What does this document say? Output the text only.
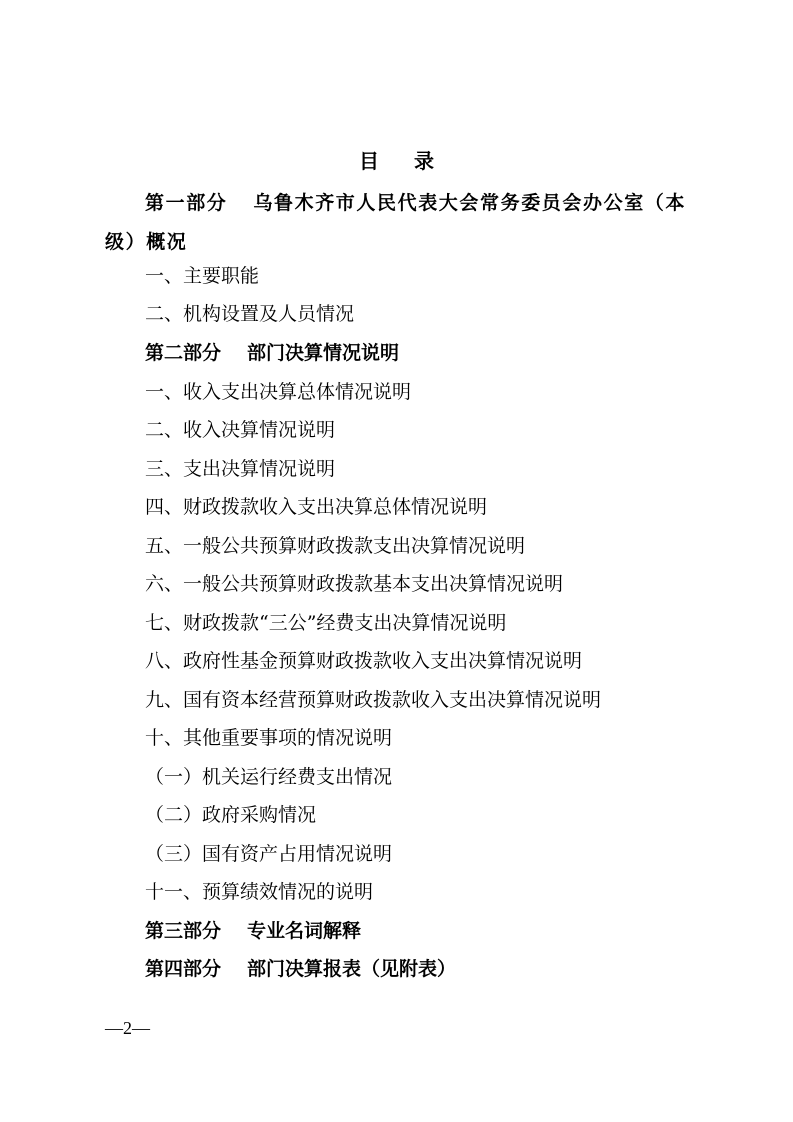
目 录
第一部分 乌鲁木齐市人民代表大会常务委员会办公室（本级）概况
一、主要职能
二、机构设置及人员情况
第二部分 部门决算情况说明
一、收入支出决算总体情况说明
二、收入决算情况说明
三、支出决算情况说明
四、财政拨款收入支出决算总体情况说明
五、一般公共预算财政拨款支出决算情况说明
六、一般公共预算财政拨款基本支出决算情况说明
七、财政拨款“三公”经费支出决算情况说明
八、政府性基金预算财政拨款收入支出决算情况说明
九、国有资本经营预算财政拨款收入支出决算情况说明
十、其他重要事项的情况说明
（一）机关运行经费支出情况
（二）政府采购情况
（三）国有资产占用情况说明
十一、预算绩效情况的说明
第三部分 专业名词解释
第四部分 部门决算报表（见附表）
—2—
